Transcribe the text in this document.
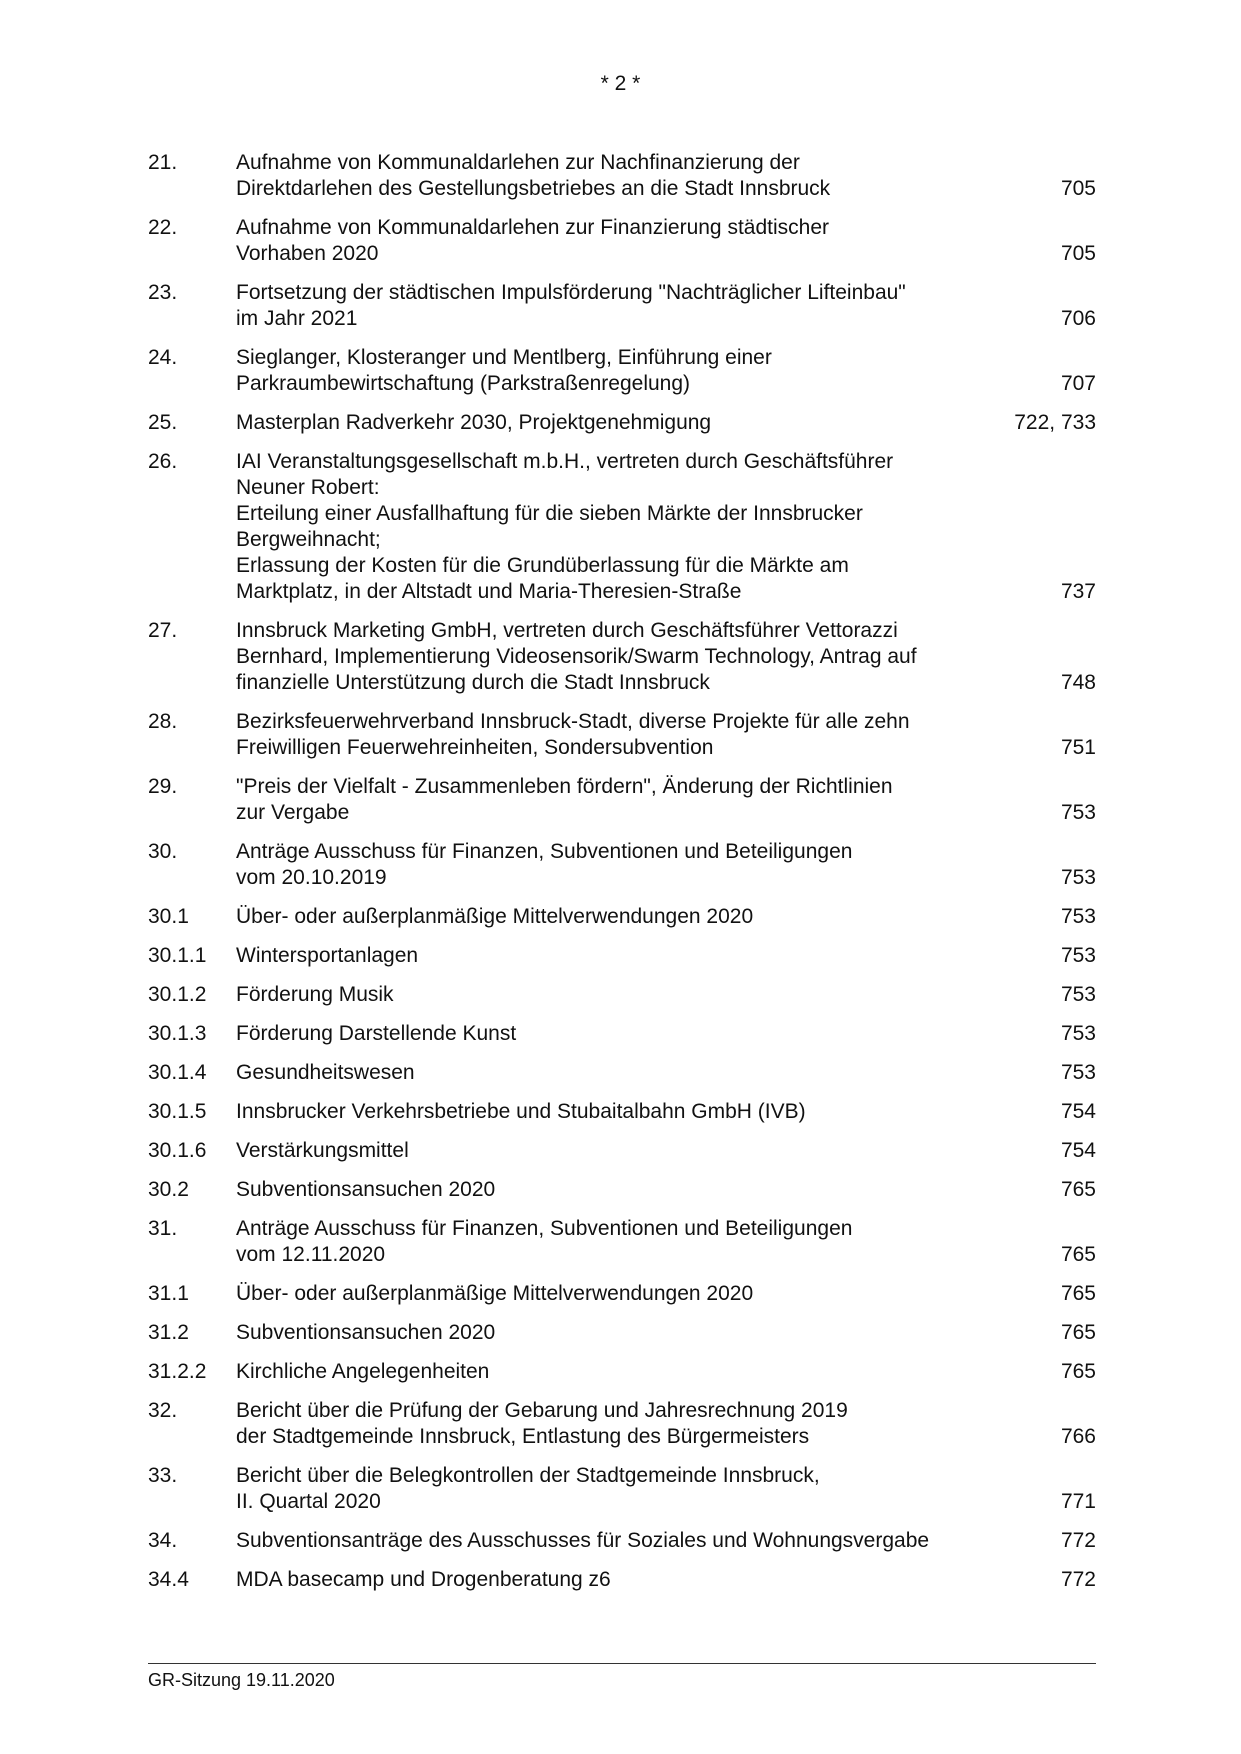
* 2 *
21.	Aufnahme von Kommunaldarlehen zur Nachfinanzierung der
Direktdarlehen des Gestellungsbetriebes an die Stadt Innsbruck	705
22.	Aufnahme von Kommunaldarlehen zur Finanzierung städtischer
Vorhaben 2020	705
23.	Fortsetzung der städtischen Impulsförderung "Nachträglicher Lifteinbau"
im Jahr 2021	706
24.	Sieglanger, Klosteranger und Mentlberg, Einführung einer
Parkraumbewirtschaftung (Parkstraßenregelung)	707
25.	Masterplan Radverkehr 2030, Projektgenehmigung	722, 733
26.	IAI Veranstaltungsgesellschaft m.b.H., vertreten durch Geschäftsführer
Neuner Robert:
Erteilung einer Ausfallhaftung für die sieben Märkte der Innsbrucker
Bergweihnacht;
Erlassung der Kosten für die Grundüberlassung für die Märkte am
Marktplatz, in der Altstadt und Maria-Theresien-Straße	737
27.	Innsbruck Marketing GmbH, vertreten durch Geschäftsführer Vettorazzi
Bernhard, Implementierung Videosensorik/Swarm Technology, Antrag auf
finanzielle Unterstützung durch die Stadt Innsbruck	748
28.	Bezirksfeuerwehrverband Innsbruck-Stadt, diverse Projekte für alle zehn
Freiwilligen Feuerwehreinheiten, Sondersubvention	751
29.	"Preis der Vielfalt - Zusammenleben fördern", Änderung der Richtlinien
zur Vergabe	753
30.	Anträge Ausschuss für Finanzen, Subventionen und Beteiligungen
vom 20.10.2019	753
30.1	Über- oder außerplanmäßige Mittelverwendungen 2020	753
30.1.1	Wintersportanlagen	753
30.1.2	Förderung Musik	753
30.1.3	Förderung Darstellende Kunst	753
30.1.4	Gesundheitswesen	753
30.1.5	Innsbrucker Verkehrsbetriebe und Stubaitalbahn GmbH (IVB)	754
30.1.6	Verstärkungsmittel	754
30.2	Subventionsansuchen 2020	765
31.	Anträge Ausschuss für Finanzen, Subventionen und Beteiligungen
vom 12.11.2020	765
31.1	Über- oder außerplanmäßige Mittelverwendungen 2020	765
31.2	Subventionsansuchen 2020	765
31.2.2	Kirchliche Angelegenheiten	765
32.	Bericht über die Prüfung der Gebarung und Jahresrechnung 2019
der Stadtgemeinde Innsbruck, Entlastung des Bürgermeisters	766
33.	Bericht über die Belegkontrollen der Stadtgemeinde Innsbruck,
II. Quartal 2020	771
34.	Subventionsanträge des Ausschusses für Soziales und Wohnungsvergabe	772
34.4	MDA basecamp und Drogenberatung z6	772
GR-Sitzung 19.11.2020
